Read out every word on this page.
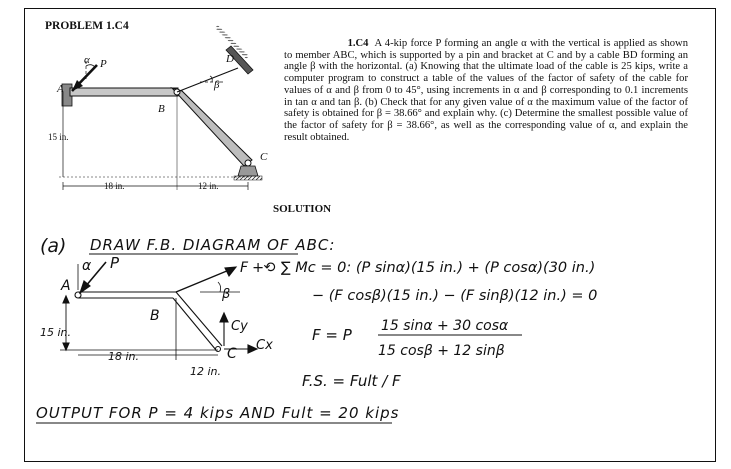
PROBLEM 1.C4
      1.C4 A 4-kip force P forming an angle α with the vertical is applied as shown to member ABC, which is supported by a pin and bracket at C and by a cable BD forming an angle β with the horizontal. (a) Knowing that the ultimate load of the cable is 25 kips, write a computer program to construct a table of the values of the factor of safety of the cable for values of α and β from 0 to 45°, using increments in α and β corresponding to 0.1 increments in tan α and tan β. (b) Check that for any given value of α the maximum value of the factor of safety is obtained for β = 38.66° and explain why. (c) Determine the smallest possible value of the factor of safety for β = 38.66°, as well as the corresponding value of α, and explain the result obtained.
SOLUTION
α P	D
β
A
B
C
15 in.
18 in.	12 in.
(a) DRAW F.B. DIAGRAM OF ABC:
α P
A
F
β
B
C
Cy
Cx
15 in.
18 in.
12 in.
+⟲ ∑ Mc = 0: (P sinα)(15 in.) + (P cosα)(30 in.)
− (F cosβ)(15 in.) − (F sinβ)(12 in.) = 0
F = P 15 sinα + 30 cosα
15 cosβ + 12 sinβ
F.S. = Fult / F
OUTPUT FOR P = 4 kips AND Fult = 20 kips
